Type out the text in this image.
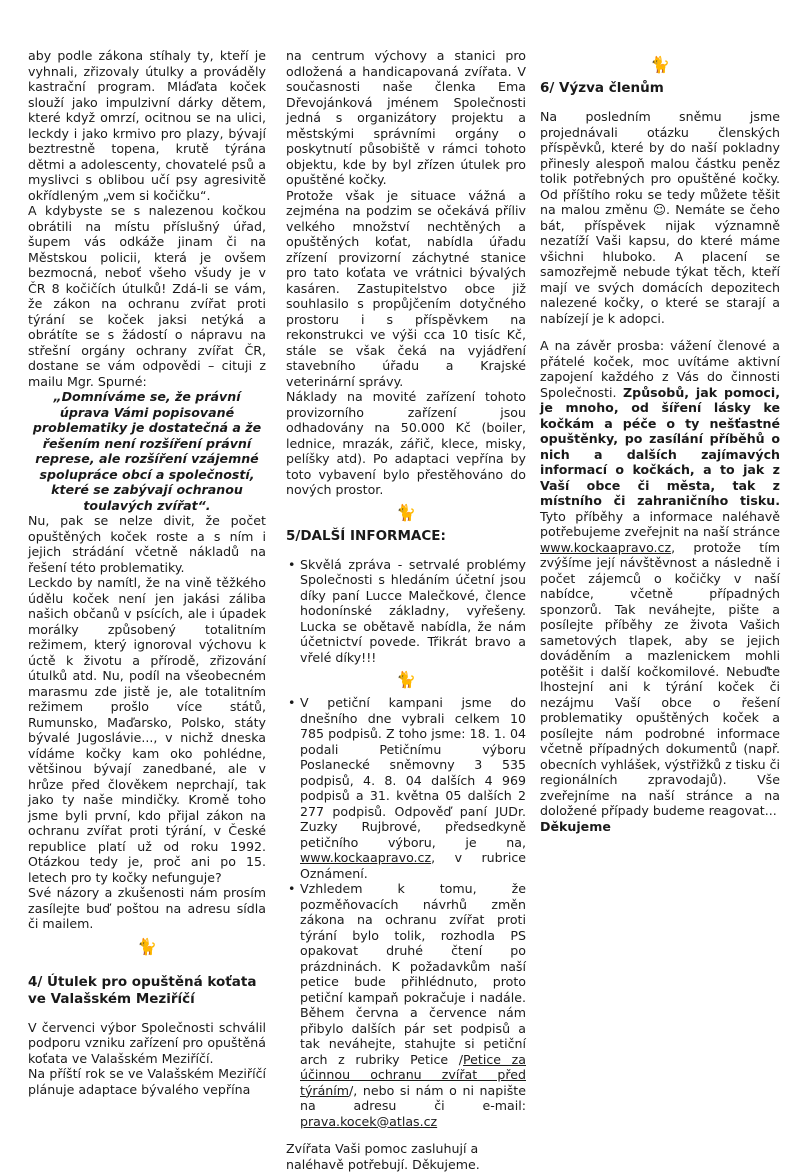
aby podle zákona stíhaly ty, kteří je vyhnali, zřizovaly útulky a prováděly kastrační program. Mláďata koček slouží jako impulzivní dárky dětem, které když omrzí, ocitnou se na ulici, leckdy i jako krmivo pro plazy, bývají beztrestně topena, krutě týrána dětmi a adolescenty, chovatelé psů a myslivci s oblibou učí psy agresivitě okřídleným „vem si kočičku“.

A kdybyste se s nalezenou kočkou obrátili na místu příslušný úřad, šupem vás odkáže jinam či na Městskou policii, která je ovšem bezmocná, neboť všeho všudy je v ČR 8 kočičích útulků! Zdá-li se vám, že zákon na ochranu zvířat proti týrání se koček jaksi netýká a obrátíte se s žádostí o nápravu na střešní orgány ochrany zvířat ČR, dostane se vám odpovědi – cituji z mailu Mgr. Spurné:

„Domníváme se, že právní úprava Vámi popisované problematiky je dostatečná a že řešením není rozšíření právní represe, ale rozšíření vzájemné spolupráce obcí a společností, které se zabývají ochranou toulavých zvířat“.

Nu, pak se nelze divit, že počet opuštěných koček roste a s ním i jejich strádání včetně nákladů na řešení této problematiky.

Leckdo by namítl, že na vině těžkého údělu koček není jen jakási záliba našich občanů v psících, ale i úpadek morálky způsobený totalitním režimem, který ignoroval výchovu k úctě k životu a přírodě, zřizování útulků atd. Nu, podíl na všeobecném marasmu zde jistě je, ale totalitním režimem prošlo více států, Rumunsko, Maďarsko, Polsko, státy bývalé Jugoslávie..., v nichž dneska vídáme kočky kam oko pohlédne, většinou bývají zanedbané, ale v hrůze před člověkem neprchají, tak jako ty naše mindičky. Kromě toho jsme byli první, kdo přijal zákon na ochranu zvířat proti týrání, v České republice platí už od roku 1992. Otázkou tedy je, proč ani po 15. letech pro ty kočky nefunguje?

Své názory a zkušenosti nám prosím zasílejte buď poštou na adresu sídla či mailem.

🐈
4/ Útulek pro opuštěná koťata ve Valašském Meziříčí

V červenci výbor Společnosti schválil podporu vzniku zařízení pro opuštěná koťata ve Valašském Meziříčí.

Na příští rok se ve Valašském Meziříčí plánuje adaptace bývalého vepřína

na centrum výchovy a stanici pro odložená a handicapovaná zvířata. V současnosti naše členka Ema Dřevojánková jménem Společnosti jedná s organizátory projektu a městskými správními orgány o poskytnutí působiště v rámci tohoto objektu, kde by byl zřízen útulek pro opuštěné kočky.

Protože však je situace vážná a zejména na podzim se očekává příliv velkého množství nechtěných a opuštěných koťat, nabídla úřadu zřízení provizorní záchytné stanice pro tato koťata ve vrátnici bývalých kasáren. Zastupitelstvo obce již souhlasilo s propůjčením dotyčného prostoru i s příspěvkem na rekonstrukci ve výši cca 10 tisíc Kč, stále se však čeká na vyjádření stavebního úřadu a Krajské veterinární správy.

Náklady na movité zařízení tohoto provizorního zařízení jsou odhadovány na 50.000 Kč (boiler, lednice, mrazák, zářič, klece, misky, pelíšky atd). Po adaptaci vepřína by toto vybavení bylo přestěhováno do nových prostor.

🐈
5/DALŠÍ INFORMACE:
• Skvělá zpráva - setrvalé problémy Společnosti s hledáním účetní jsou díky paní Lucce Malečkové, člence hodonínské základny, vyřešeny. Lucka se obětavě nabídla, že nám účetnictví povede. Třikrát bravo a vřelé díky!!!
🐈
• V petiční kampani jsme do dnešního dne vybrali celkem 10 785 podpisů. Z toho jsme: 18. 1. 04 podali Petičnímu výboru Poslanecké sněmovny 3 535 podpisů, 4. 8. 04 dalších 4 969 podpisů a 31. května 05 dalších 2 277 podpisů. Odpověď paní JUDr. Zuzky Rujbrové, předsedkyně petičního výboru, je na, www.kockaapravo.cz, v rubrice Oznámení.
• Vzhledem k tomu, že pozměňovacích návrhů změn zákona na ochranu zvířat proti týrání bylo tolik, rozhodla PS opakovat druhé čtení po prázdninách. K požadavkům naší petice bude přihlédnuto, proto petiční kampaň pokračuje i nadále. Během června a července nám přibylo dalších pár set podpisů a tak neváhejte, stahujte si petiční arch z rubriky Petice /Petice za účinnou ochranu zvířat před týráním/, nebo si nám o ni napište na adresu či e-mail: prava.kocek@atlas.cz

Zvířata Vaši pomoc zasluhují a naléhavě potřebují. Děkujeme.

🐈
6/ Výzva členům

Na posledním sněmu jsme projednávali otázku členských příspěvků, které by do naší pokladny přinesly alespoň malou částku peněz tolik potřebných pro opuštěné kočky. Od příštího roku se tedy můžete těšit na malou změnu ☺. Nemáte se čeho bát, příspěvek nijak významně nezatíží Vaši kapsu, do které máme všichni hluboko. A placení se samozřejmě nebude týkat těch, kteří mají ve svých domácích depozitech nalezené kočky, o které se starají a nabízejí je k adopci.

A na závěr prosba: vážení členové a přátelé koček, moc uvítáme aktivní zapojení každého z Vás do činnosti Společnosti. Způsobů, jak pomoci, je mnoho, od šíření lásky ke kočkám a péče o ty nešťastné opuštěnky, po zasílání příběhů o nich a dalších zajímavých informací o kočkách, a to jak z Vaší obce či města, tak z místního či zahraničního tisku. Tyto příběhy a informace naléhavě potřebujeme zveřejnit na naší stránce www.kockaapravo.cz, protože tím zvýšíme její návštěvnost a následně i počet zájemců o kočičky v naší nabídce, včetně případných sponzorů. Tak neváhejte, pište a posílejte příběhy ze života Vašich sametových tlapek, aby se jejich dováděním a mazlenickem mohli potěšit i další kočkomilové. Nebuďte lhostejní ani k týrání koček či nezájmu Vaší obce o řešení problematiky opuštěných koček a posílejte nám podrobné informace včetně případných dokumentů (např. obecních vyhlášek, výstřižků z tisku či regionálních zpravodajů). Vše zveřejníme na naší stránce a na doložené případy budeme reagovat...

Děkujeme
